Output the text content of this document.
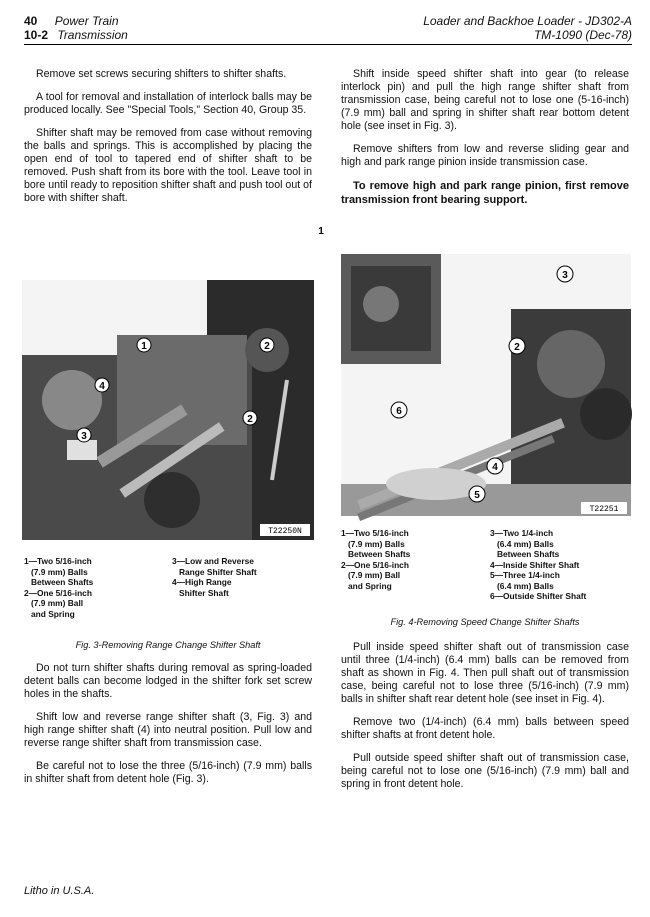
40 Power Train
10-2 Transmission
Loader and Backhoe Loader - JD302-A
TM-1090 (Dec-78)

Remove set screws securing shifters to shifter shafts.

A tool for removal and installation of interlock balls may be produced locally. See "Special Tools," Section 40, Group 35.

Shifter shaft may be removed from case without removing the balls and springs. This is accomplished by placing the open end of tool to tapered end of shifter shaft to be removed. Push shaft from its bore with the tool. Leave tool in bore until ready to reposition shifter shaft and push tool out of bore with shifter shaft.

T22250N
1	2
2
3
4
1—Two 5/16-inch
(7.9 mm) Balls
Between Shafts
2—One 5/16-inch
(7.9 mm) Ball
and Spring
3—Low and Reverse
Range Shifter Shaft
4—High Range
Shifter Shaft
Fig. 3-Removing Range Change Shifter Shaft

Do not turn shifter shafts during removal as spring-loaded detent balls can become lodged in the shifter fork set screw holes in the shafts.

Shift low and reverse range shifter shaft (3, Fig. 3) and high range shifter shaft (4) into neutral position. Pull low and reverse range shifter shaft from transmission case.

Be careful not to lose the three (5/16-inch) (7.9 mm) balls in shifter shaft from detent hole (Fig. 3).

Shift inside speed shifter shaft into gear (to release interlock pin) and pull the high range shifter shaft from transmission case, being careful not to lose one (5-16-inch) (7.9 mm) ball and spring in shifter shaft rear bottom detent hole (see inset in Fig. 3).

Remove shifters from low and reverse sliding gear and high and park range pinion inside transmission case.

To remove high and park range pinion, first remove transmission front bearing support.

T22251
3
2
6
4
5
1
1—Two 5/16-inch
(7.9 mm) Balls
Between Shafts
2—One 5/16-inch
(7.9 mm) Ball
and Spring
3—Two 1/4-inch
(6.4 mm) Balls
Between Shafts
4—Inside Shifter Shaft
5—Three 1/4-inch
(6.4 mm) Balls
6—Outside Shifter Shaft
Fig. 4-Removing Speed Change Shifter Shafts

Pull inside speed shifter shaft out of transmission case until three (1/4-inch) (6.4 mm) balls can be removed from shaft as shown in Fig. 4. Then pull shaft out of transmission case, being careful not to lose three (5/16-inch) (7.9 mm) balls in shifter shaft rear detent hole (see inset in Fig. 4).

Remove two (1/4-inch) (6.4 mm) balls between speed shifter shafts at front detent hole.

Pull outside speed shifter shaft out of transmission case, being careful not to lose one (5/16-inch) (7.9 mm) ball and spring in front detent hole.

Litho in U.S.A.
